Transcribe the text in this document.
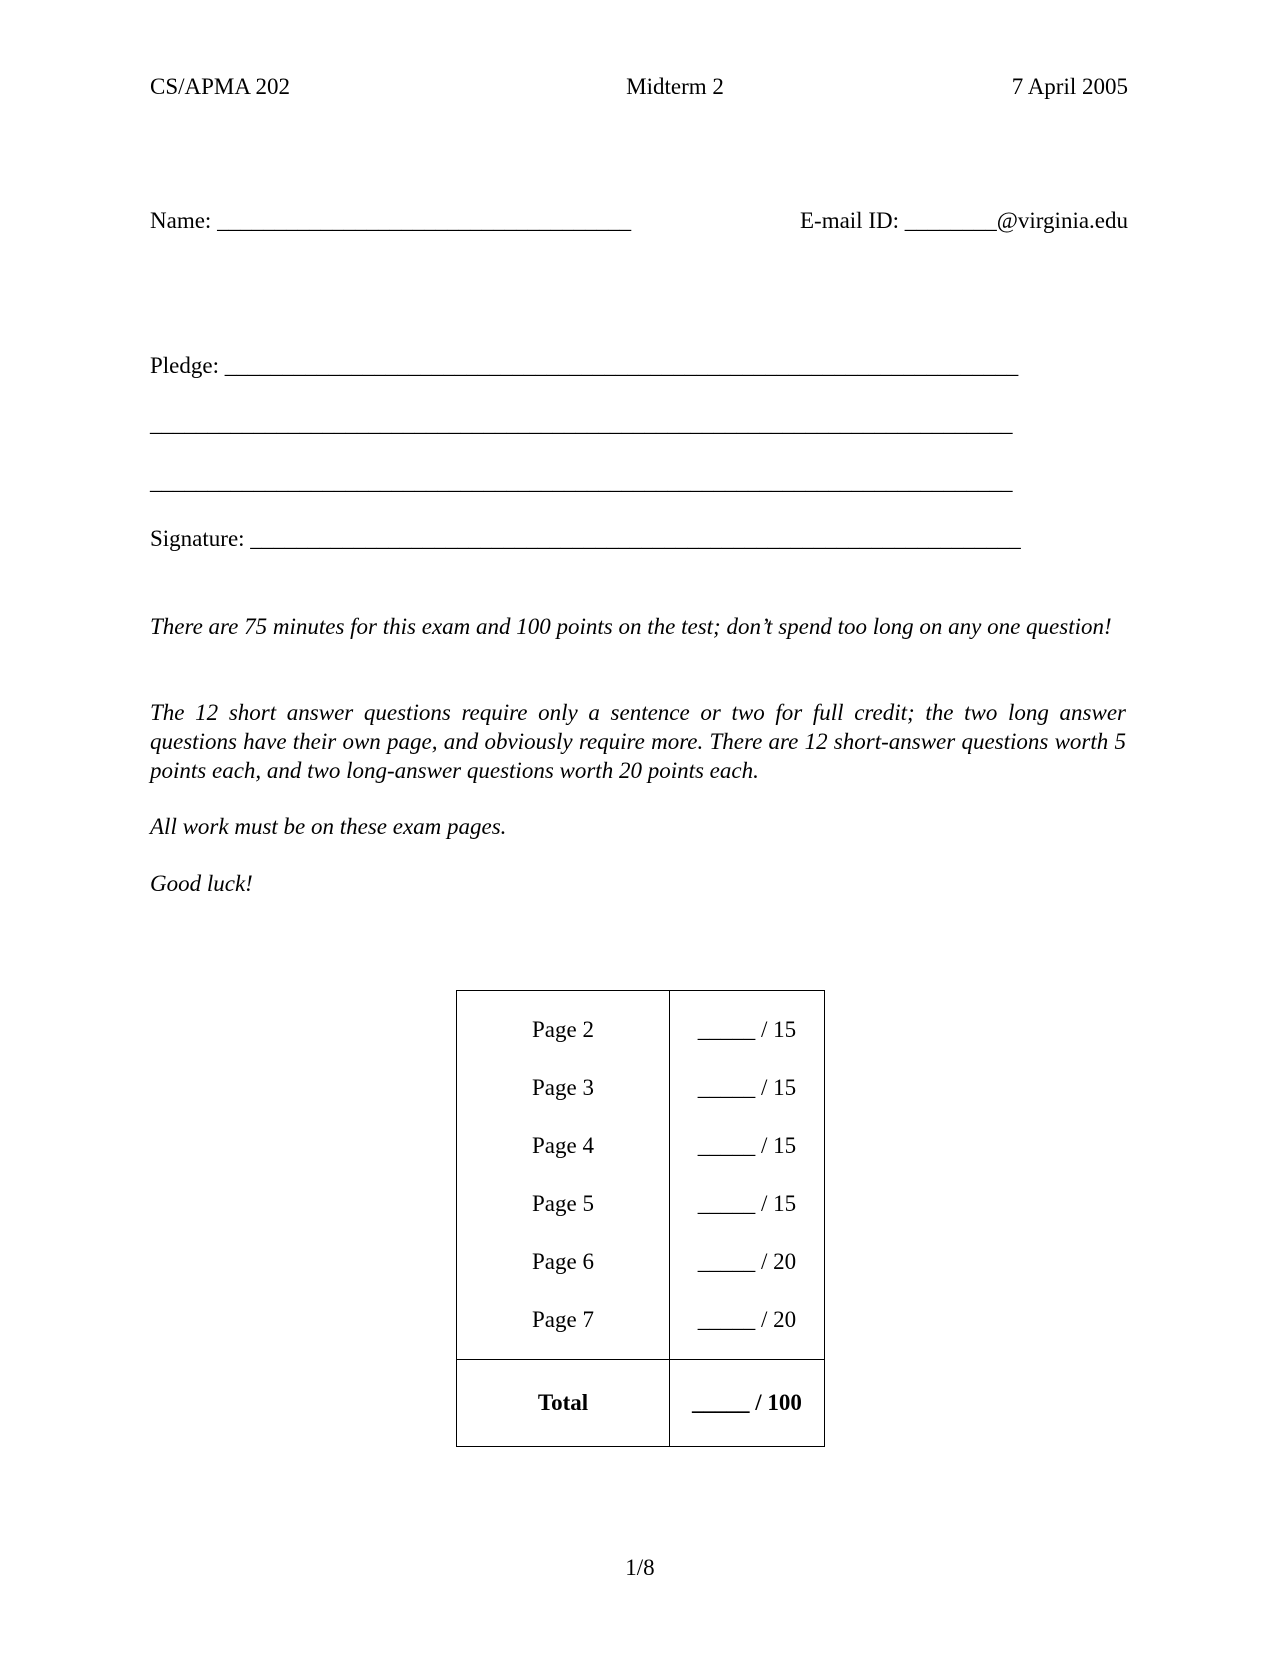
CS/APMA 202	Midterm 2	7 April 2005
Name: ____________________________________	E-mail ID: ________@virginia.edu
Pledge: _____________________________________________________________________
___________________________________________________________________________
___________________________________________________________________________
Signature: ___________________________________________________________________
There are 75 minutes for this exam and 100 points on the test; don’t spend too long on any one question!
The 12 short answer questions require only a sentence or two for full credit; the two long answer questions have their own page, and obviously require more. There are 12 short-answer questions worth 5 points each, and two long-answer questions worth 20 points each.
All work must be on these exam pages.
Good luck!
Page 2	_____ / 15
Page 3	_____ / 15
Page 4	_____ / 15
Page 5	_____ / 15
Page 6	_____ / 20
Page 7	_____ / 20
Total	_____ / 100
1/8
